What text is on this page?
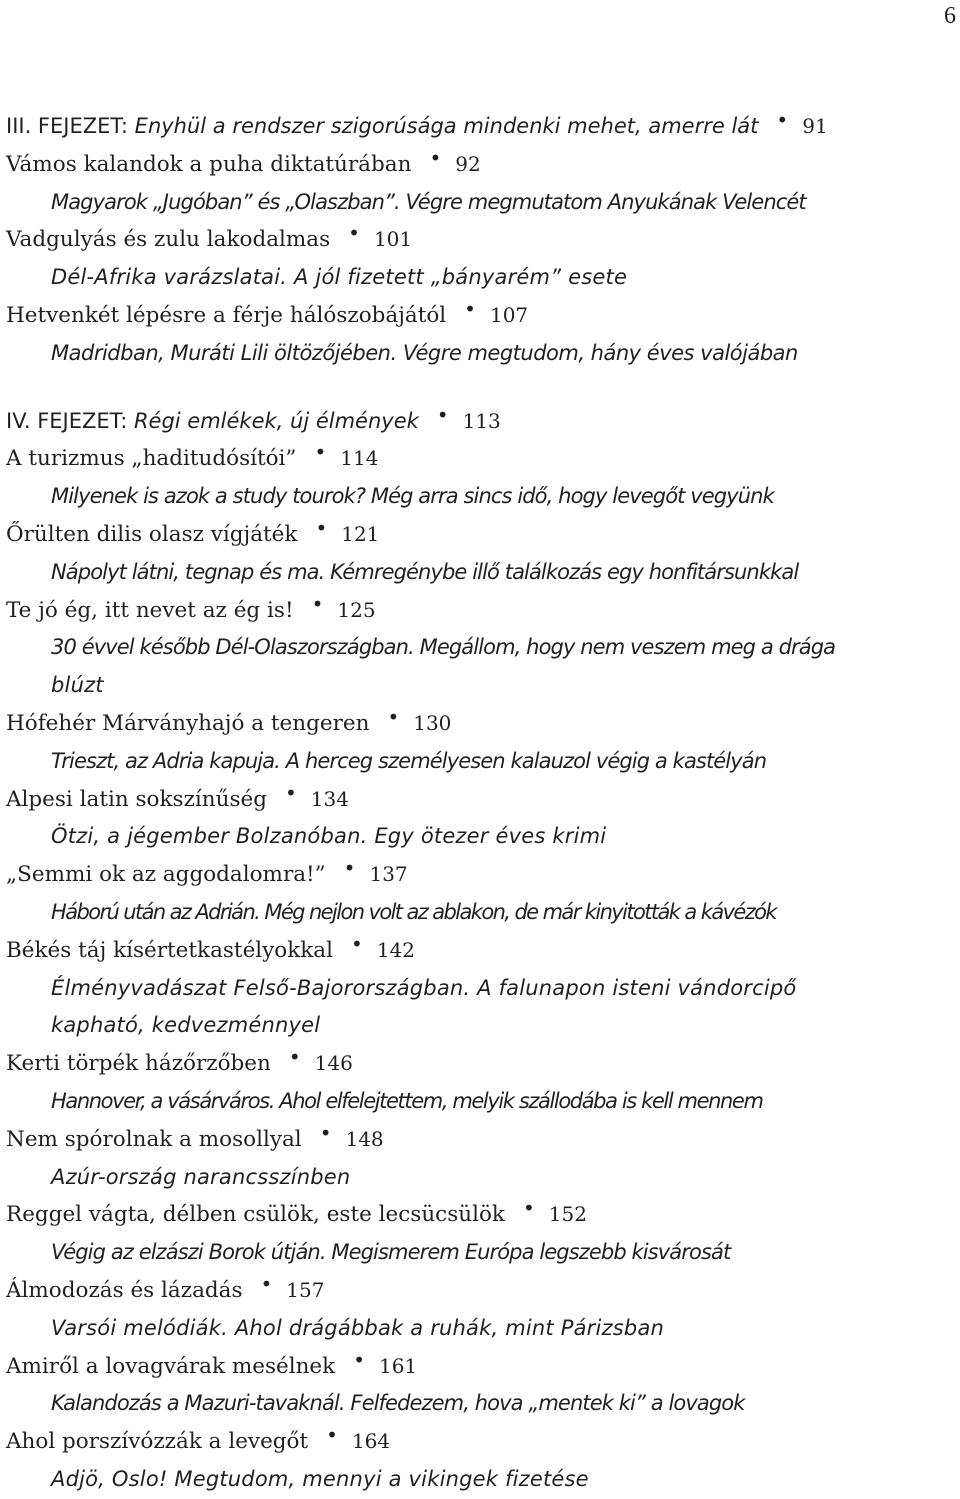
6
III. FEJEZET: Enyhül a rendszer szigorúsága mindenki mehet, amerre lát • 91
Vámos kalandok a puha diktatúrában • 92
Magyarok „Jugóban” és „Olaszban”. Végre megmutatom Anyukának Velencét
Vadgulyás és zulu lakodalmas • 101
Dél-Afrika varázslatai. A jól fizetett „bányarém” esete
Hetvenkét lépésre a férje hálószobájától • 107
Madridban, Muráti Lili öltözőjében. Végre megtudom, hány éves valójában
IV. FEJEZET: Régi emlékek, új élmények • 113
A turizmus „haditudósítói” • 114
Milyenek is azok a study tourok? Még arra sincs idő, hogy levegőt vegyünk
Őrülten dilis olasz vígjáték • 121
Nápolyt látni, tegnap és ma. Kémregénybe illő találkozás egy honfitársunkkal
Te jó ég, itt nevet az ég is! • 125
30 évvel később Dél-Olaszországban. Megállom, hogy nem veszem meg a drága
blúzt
Hófehér Márványhajó a tengeren • 130
Trieszt, az Adria kapuja. A herceg személyesen kalauzol végig a kastélyán
Alpesi latin sokszínűség • 134
Ötzi, a jégember Bolzanóban. Egy ötezer éves krimi
„Semmi ok az aggodalomra!” • 137
Háború után az Adrián. Még nejlon volt az ablakon, de már kinyitották a kávézók
Békés táj kísértetkastélyokkal • 142
Élményvadászat Felső-Bajorországban. A falunapon isteni vándorcipő
kapható, kedvezménnyel
Kerti törpék házőrzőben • 146
Hannover, a vásárváros. Ahol elfelejtettem, melyik szállodába is kell mennem
Nem spórolnak a mosollyal • 148
Azúr-ország narancsszínben
Reggel vágta, délben csülök, este lecsücsülök • 152
Végig az elzászi Borok útján. Megismerem Európa legszebb kisvárosát
Álmodozás és lázadás • 157
Varsói melódiák. Ahol drágábbak a ruhák, mint Párizsban
Amiről a lovagvárak mesélnek • 161
Kalandozás a Mazuri-tavaknál. Felfedezem, hova „mentek ki” a lovagok
Ahol porszívózzák a levegőt • 164
Adjö, Oslo! Megtudom, mennyi a vikingek fizetése
